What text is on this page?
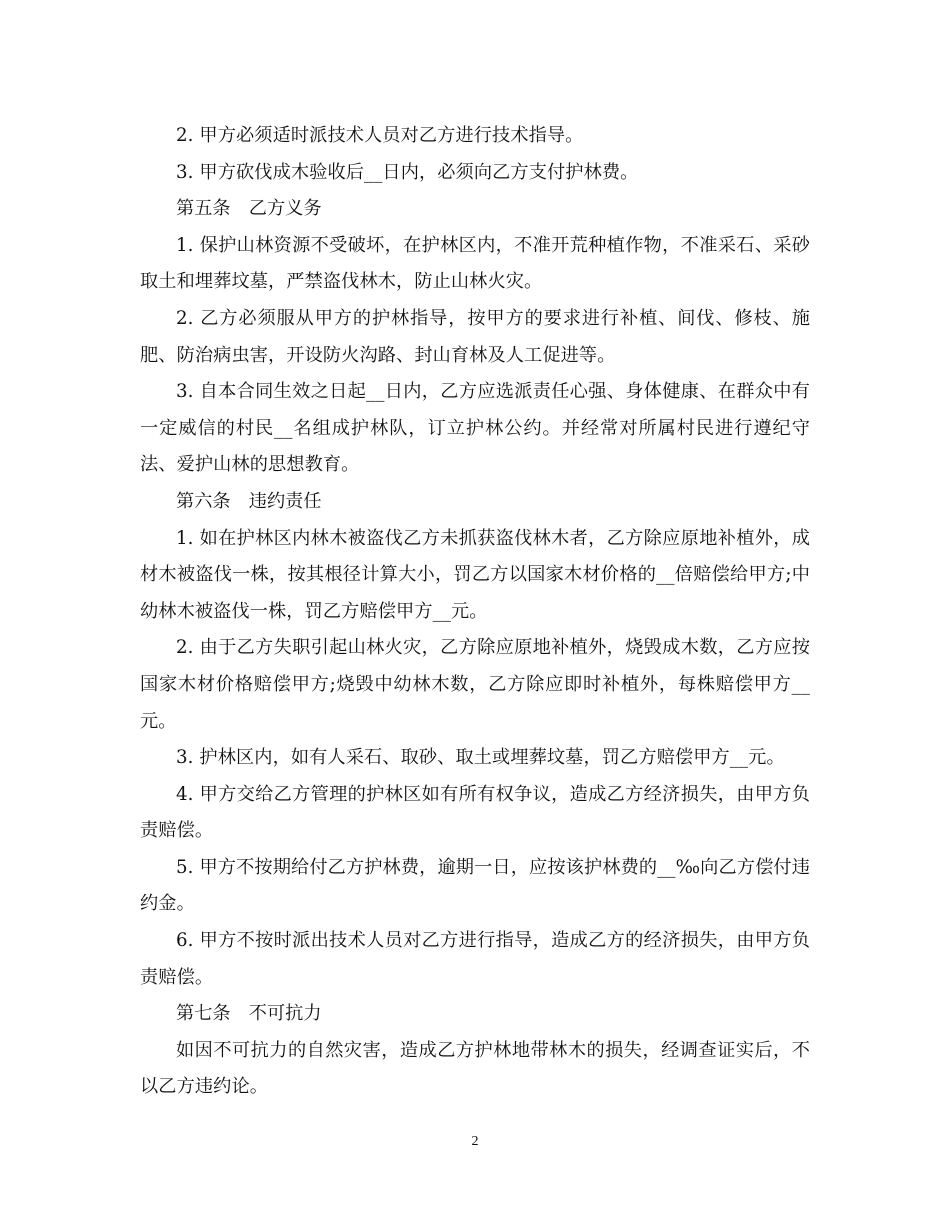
2. 甲方必须适时派技术人员对乙方进行技术指导。

3. 甲方砍伐成木验收后__日内，必须向乙方支付护林费。

第五条　乙方义务

1. 保护山林资源不受破坏，在护林区内，不准开荒种植作物，不准采石、采砂取土和埋葬坟墓，严禁盗伐林木，防止山林火灾。

2. 乙方必须服从甲方的护林指导，按甲方的要求进行补植、间伐、修枝、施肥、防治病虫害，开设防火沟路、封山育林及人工促进等。

3. 自本合同生效之日起__日内，乙方应选派责任心强、身体健康、在群众中有一定威信的村民__名组成护林队，订立护林公约。并经常对所属村民进行遵纪守法、爱护山林的思想教育。

第六条　违约责任

1. 如在护林区内林木被盗伐乙方未抓获盗伐林木者，乙方除应原地补植外，成材木被盗伐一株，按其根径计算大小，罚乙方以国家木材价格的__倍赔偿给甲方;中幼林木被盗伐一株，罚乙方赔偿甲方__元。

2. 由于乙方失职引起山林火灾，乙方除应原地补植外，烧毁成木数，乙方应按国家木材价格赔偿甲方;烧毁中幼林木数，乙方除应即时补植外，每株赔偿甲方__元。

3. 护林区内，如有人采石、取砂、取土或埋葬坟墓，罚乙方赔偿甲方__元。

4. 甲方交给乙方管理的护林区如有所有权争议，造成乙方经济损失，由甲方负责赔偿。

5. 甲方不按期给付乙方护林费，逾期一日，应按该护林费的__‰向乙方偿付违约金。

6. 甲方不按时派出技术人员对乙方进行指导，造成乙方的经济损失，由甲方负责赔偿。

第七条　不可抗力

如因不可抗力的自然灾害，造成乙方护林地带林木的损失，经调查证实后，不以乙方违约论。

2
